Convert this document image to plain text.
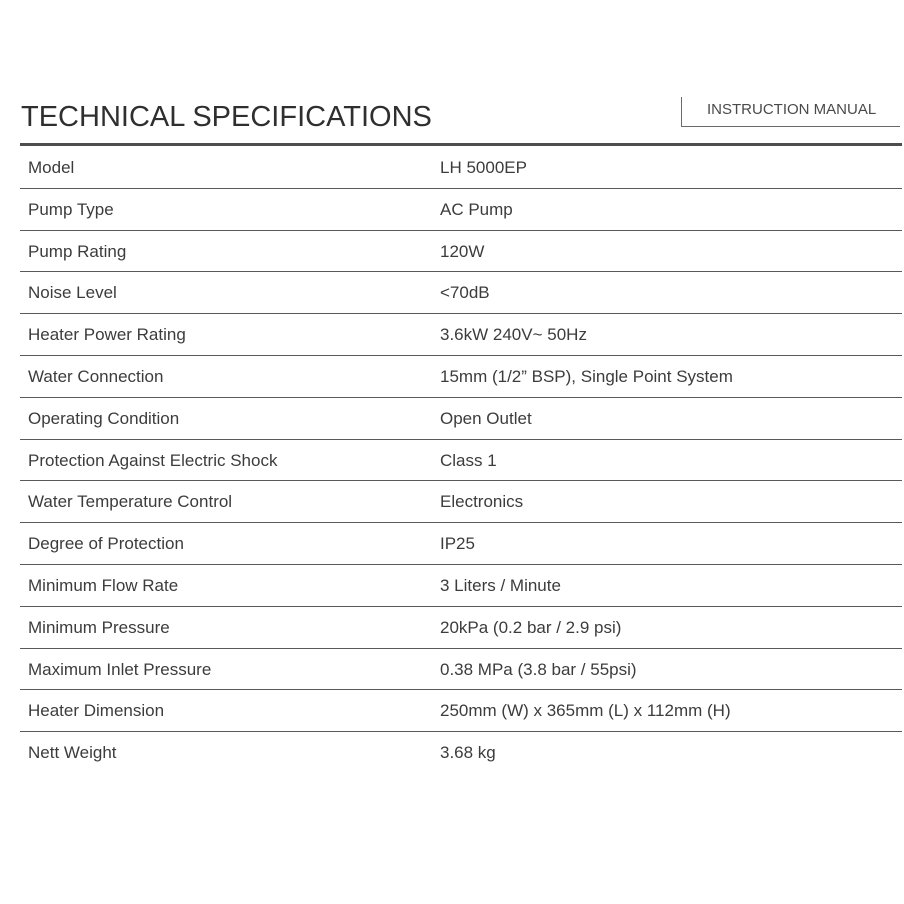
TECHNICAL SPECIFICATIONS	INSTRUCTION MANUAL
Model	LH 5000EP
Pump Type	AC Pump
Pump Rating	120W
Noise Level	<70dB
Heater Power Rating	3.6kW 240V~ 50Hz
Water Connection	15mm (1/2” BSP), Single Point System
Operating Condition	Open Outlet
Protection Against Electric Shock	Class 1
Water Temperature Control	Electronics
Degree of Protection	IP25
Minimum Flow Rate	3 Liters / Minute
Minimum Pressure	20kPa (0.2 bar / 2.9 psi)
Maximum Inlet Pressure	0.38 MPa (3.8 bar / 55psi)
Heater Dimension	250mm (W) x 365mm (L) x 112mm (H)
Nett Weight	3.68 kg
